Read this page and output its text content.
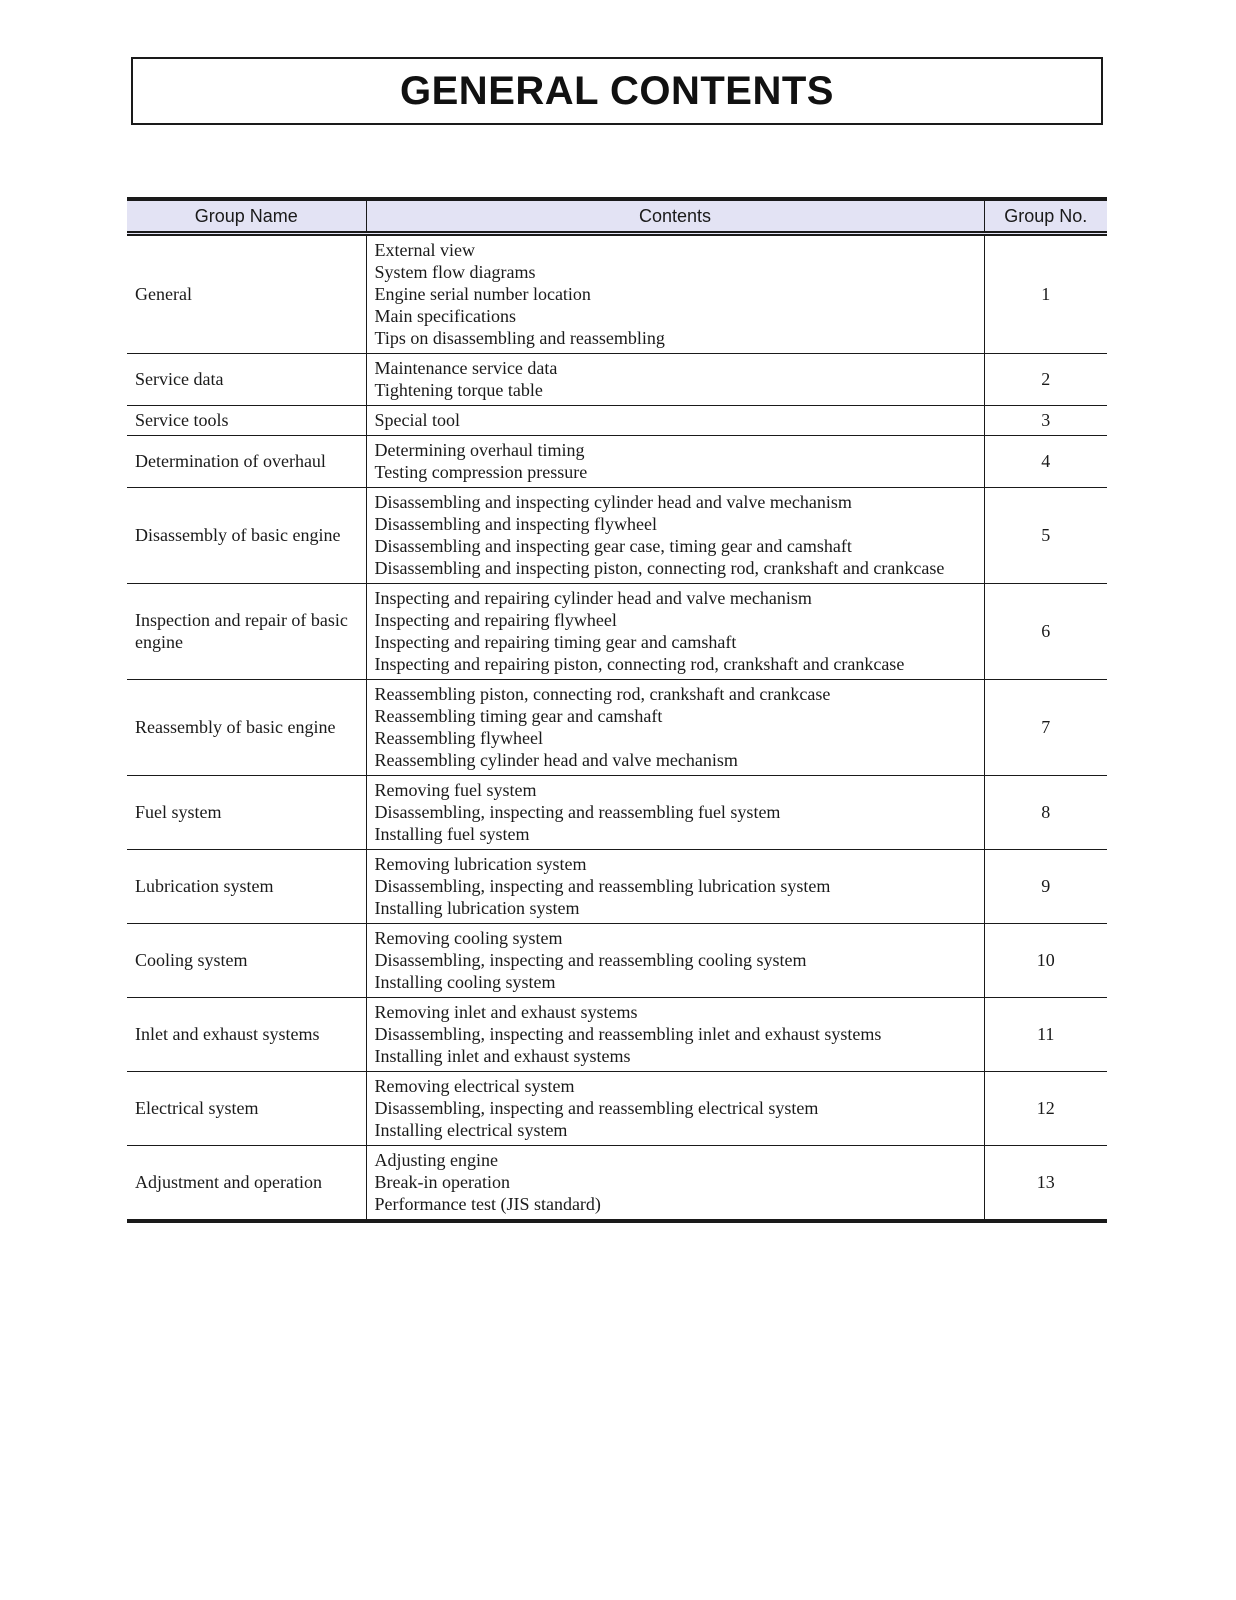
GENERAL CONTENTS
Group Name	Contents	Group No.
General	External view
System flow diagrams
Engine serial number location
Main specifications
Tips on disassembling and reassembling	1
Service data	Maintenance service data
Tightening torque table	2
Service tools	Special tool	3
Determination of overhaul	Determining overhaul timing
Testing compression pressure	4
Disassembly of basic engine	Disassembling and inspecting cylinder head and valve mechanism
Disassembling and inspecting flywheel
Disassembling and inspecting gear case, timing gear and camshaft
Disassembling and inspecting piston, connecting rod, crankshaft and crankcase	5
Inspection and repair of basic engine	Inspecting and repairing cylinder head and valve mechanism
Inspecting and repairing flywheel
Inspecting and repairing timing gear and camshaft
Inspecting and repairing piston, connecting rod, crankshaft and crankcase	6
Reassembly of basic engine	Reassembling piston, connecting rod, crankshaft and crankcase
Reassembling timing gear and camshaft
Reassembling flywheel
Reassembling cylinder head and valve mechanism	7
Fuel system	Removing fuel system
Disassembling, inspecting and reassembling fuel system
Installing fuel system	8
Lubrication system	Removing lubrication system
Disassembling, inspecting and reassembling lubrication system
Installing lubrication system	9
Cooling system	Removing cooling system
Disassembling, inspecting and reassembling cooling system
Installing cooling system	10
Inlet and exhaust systems	Removing inlet and exhaust systems
Disassembling, inspecting and reassembling inlet and exhaust systems
Installing inlet and exhaust systems	11
Electrical system	Removing electrical system
Disassembling, inspecting and reassembling electrical system
Installing electrical system	12
Adjustment and operation	Adjusting engine
Break-in operation
Performance test (JIS standard)	13
